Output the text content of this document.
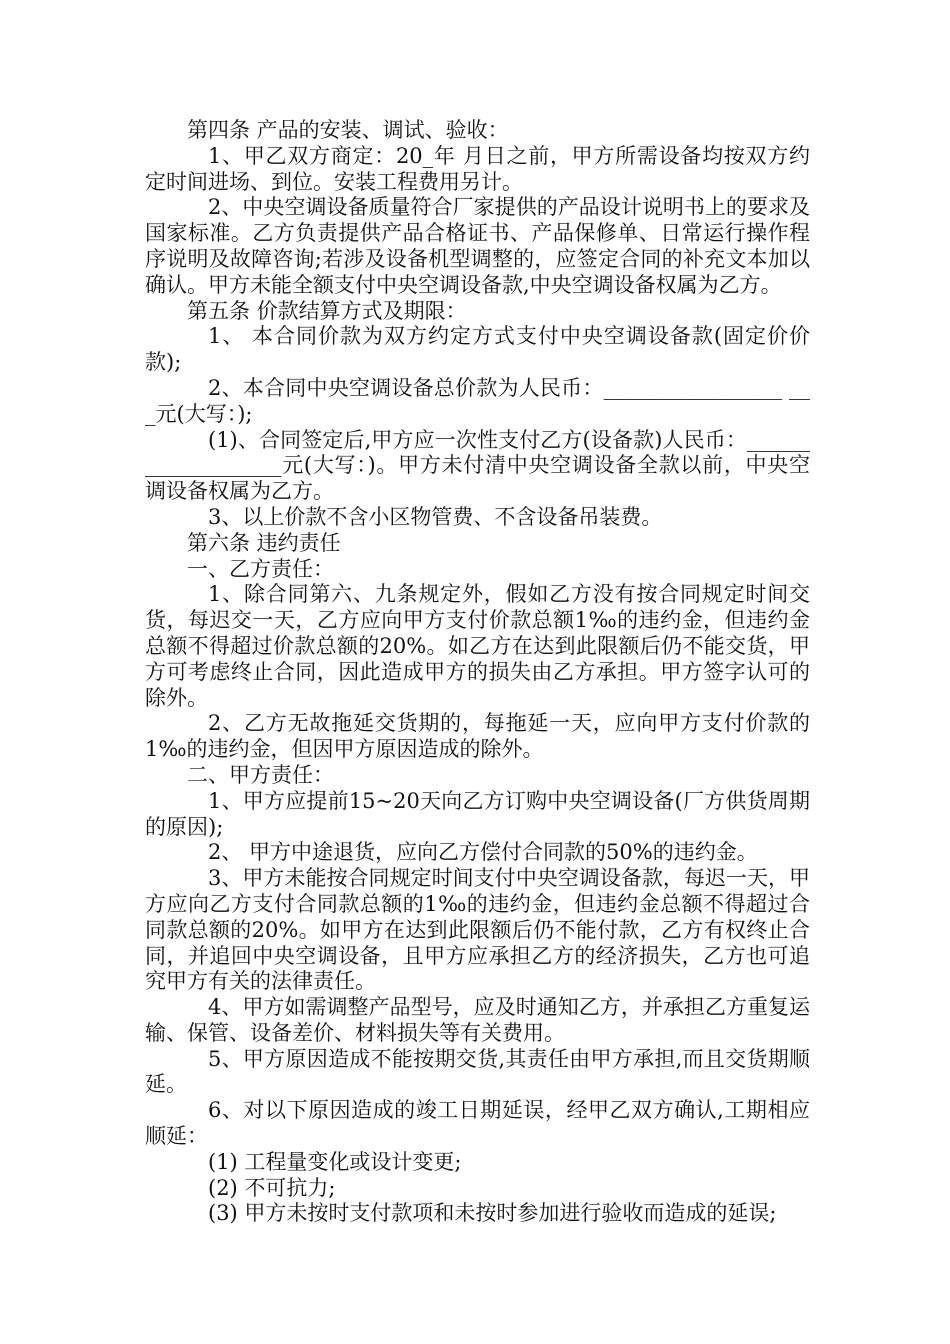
第四条 产品的安装、调试、验收：

1、甲乙双方商定：20_年 月日之前，甲方所需设备均按双方约定时间进场、到位。安装工程费用另计。

2、中央空调设备质量符合厂家提供的产品设计说明书上的要求及国家标准。乙方负责提供产品合格证书、产品保修单、日常运行操作程序说明及故障咨询;若涉及设备机型调整的，应签定合同的补充文本加以确认。甲方未能全额支付中央空调设备款,中央空调设备权属为乙方。

第五条 价款结算方式及期限：

1、 本合同价款为双方约定方式支付中央空调设备款(固定价价款);

2、本合同中央空调设备总价款为人民币：_________________ ___元(大写：);

(1)、合同签定后,甲方应一次性支付乙方(设备款)人民币：___________________元(大写：)。甲方未付清中央空调设备全款以前，中央空调设备权属为乙方。

3、以上价款不含小区物管费、不含设备吊装费。

第六条 违约责任

一、乙方责任：

1、除合同第六、九条规定外，假如乙方没有按合同规定时间交货，每迟交一天，乙方应向甲方支付价款总额1‰的违约金，但违约金总额不得超过价款总额的20%。如乙方在达到此限额后仍不能交货，甲方可考虑终止合同，因此造成甲方的损失由乙方承担。甲方签字认可的除外。

2、乙方无故拖延交货期的，每拖延一天，应向甲方支付价款的1‰的违约金，但因甲方原因造成的除外。

二、甲方责任：

1、甲方应提前15~20天向乙方订购中央空调设备(厂方供货周期的原因);

2、 甲方中途退货，应向乙方偿付合同款的50%的违约金。

3、甲方未能按合同规定时间支付中央空调设备款，每迟一天，甲方应向乙方支付合同款总额的1‰的违约金，但违约金总额不得超过合同款总额的20%。如甲方在达到此限额后仍不能付款，乙方有权终止合同，并追回中央空调设备，且甲方应承担乙方的经济损失，乙方也可追究甲方有关的法律责任。

4、甲方如需调整产品型号，应及时通知乙方，并承担乙方重复运输、保管、设备差价、材料损失等有关费用。

5、甲方原因造成不能按期交货,其责任由甲方承担,而且交货期顺延。

6、对以下原因造成的竣工日期延误，经甲乙双方确认,工期相应顺延：

(1) 工程量变化或设计变更;

(2) 不可抗力;

(3) 甲方未按时支付款项和未按时参加进行验收而造成的延误;
